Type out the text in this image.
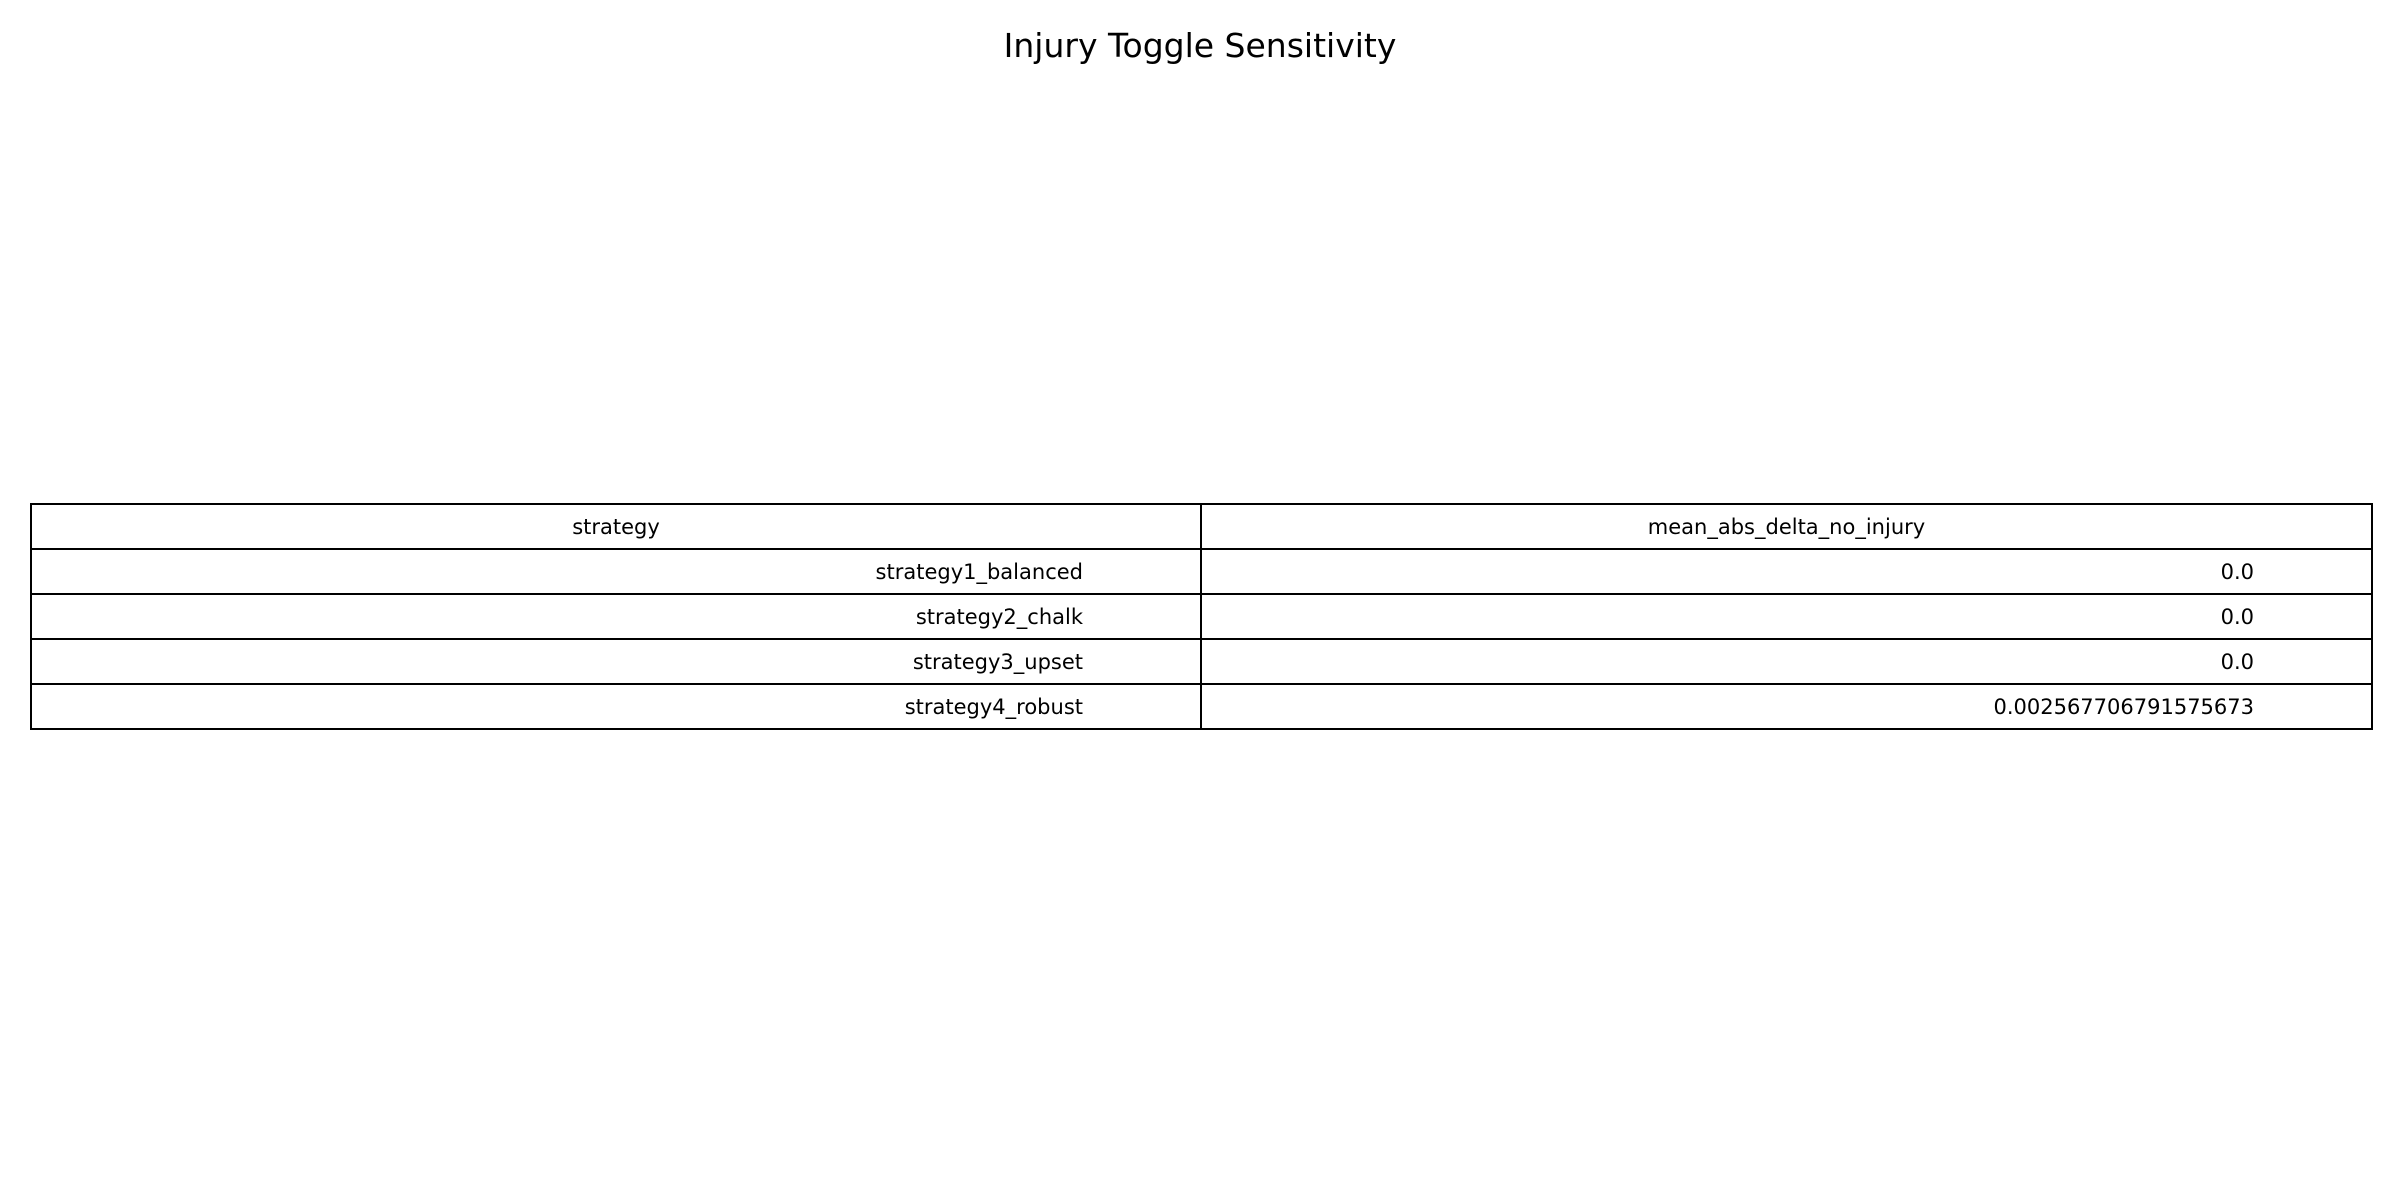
Injury Toggle Sensitivity
strategy	mean_abs_delta_no_injury
strategy1_balanced	0.0
strategy2_chalk	0.0
strategy3_upset	0.0
strategy4_robust	0.002567706791575673
